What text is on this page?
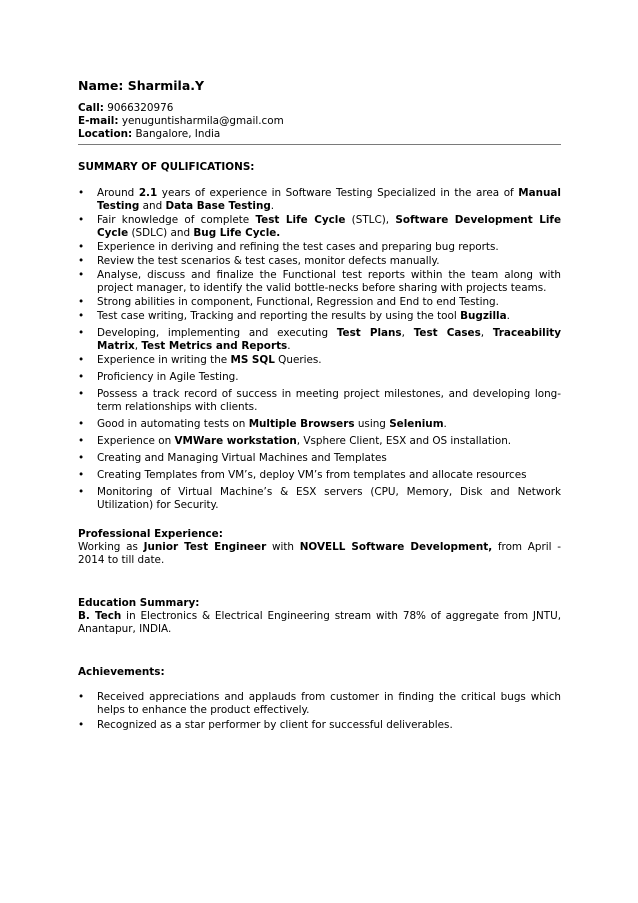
Name: Sharmila.Y
Call: 9066320976
E-mail: yenuguntisharmila@gmail.com
Location: Bangalore, India
SUMMARY OF QULIFICATIONS:
• Around 2.1 years of experience in Software Testing Specialized in the area of Manual Testing and Data Base Testing.
• Fair knowledge of complete Test Life Cycle (STLC), Software Development Life Cycle (SDLC) and Bug Life Cycle.
• Experience in deriving and refining the test cases and preparing bug reports.
• Review the test scenarios & test cases, monitor defects manually.
• Analyse, discuss and finalize the Functional test reports within the team along with project manager, to identify the valid bottle-necks before sharing with projects teams.
• Strong abilities in component, Functional, Regression and End to end Testing.
• Test case writing, Tracking and reporting the results by using the tool Bugzilla.
• Developing, implementing and executing Test Plans, Test Cases, Traceability Matrix, Test Metrics and Reports.
• Experience in writing the MS SQL Queries.
• Proficiency in Agile Testing.
• Possess a track record of success in meeting project milestones, and developing long-term relationships with clients.
• Good in automating tests on Multiple Browsers using Selenium.
• Experience on VMWare workstation, Vsphere Client, ESX and OS installation.
• Creating and Managing Virtual Machines and Templates
• Creating Templates from VM’s, deploy VM’s from templates and allocate resources
• Monitoring of Virtual Machine’s & ESX servers (CPU, Memory, Disk and Network Utilization) for Security.
Professional Experience:

Working as Junior Test Engineer with NOVELL Software Development, from April - 2014 to till date.

Education Summary:

B. Tech in Electronics & Electrical Engineering stream with 78% of aggregate from JNTU, Anantapur, INDIA.

Achievements:
• Received appreciations and applauds from customer in finding the critical bugs which helps to enhance the product effectively.
• Recognized as a star performer by client for successful deliverables.
